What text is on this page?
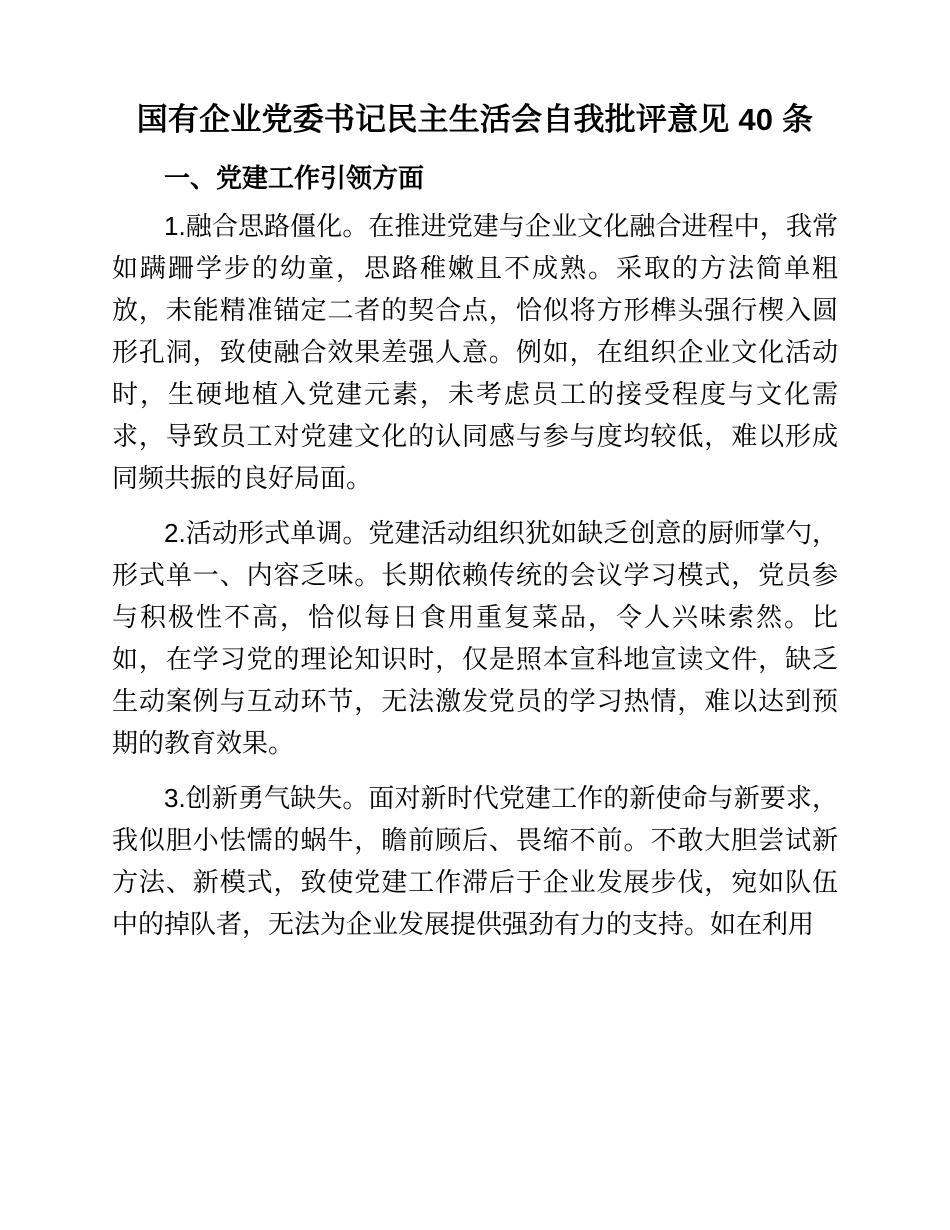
国有企业党委书记民主生活会自我批评意见 40 条
一、党建工作引领方面

1.融合思路僵化。在推进党建与企业文化融合进程中，我常如蹒跚学步的幼童，思路稚嫩且不成熟。采取的方法简单粗放，未能精准锚定二者的契合点，恰似将方形榫头强行楔入圆形孔洞，致使融合效果差强人意。例如，在组织企业文化活动时，生硬地植入党建元素，未考虑员工的接受程度与文化需求，导致员工对党建文化的认同感与参与度均较低，难以形成同频共振的良好局面。

2.活动形式单调。党建活动组织犹如缺乏创意的厨师掌勺，形式单一、内容乏味。长期依赖传统的会议学习模式，党员参与积极性不高，恰似每日食用重复菜品，令人兴味索然。比如，在学习党的理论知识时，仅是照本宣科地宣读文件，缺乏生动案例与互动环节，无法激发党员的学习热情，难以达到预期的教育效果。

3.创新勇气缺失。面对新时代党建工作的新使命与新要求，我似胆小怯懦的蜗牛，瞻前顾后、畏缩不前。不敢大胆尝试新方法、新模式，致使党建工作滞后于企业发展步伐，宛如队伍中的掉队者，无法为企业发展提供强劲有力的支持。如在利用
